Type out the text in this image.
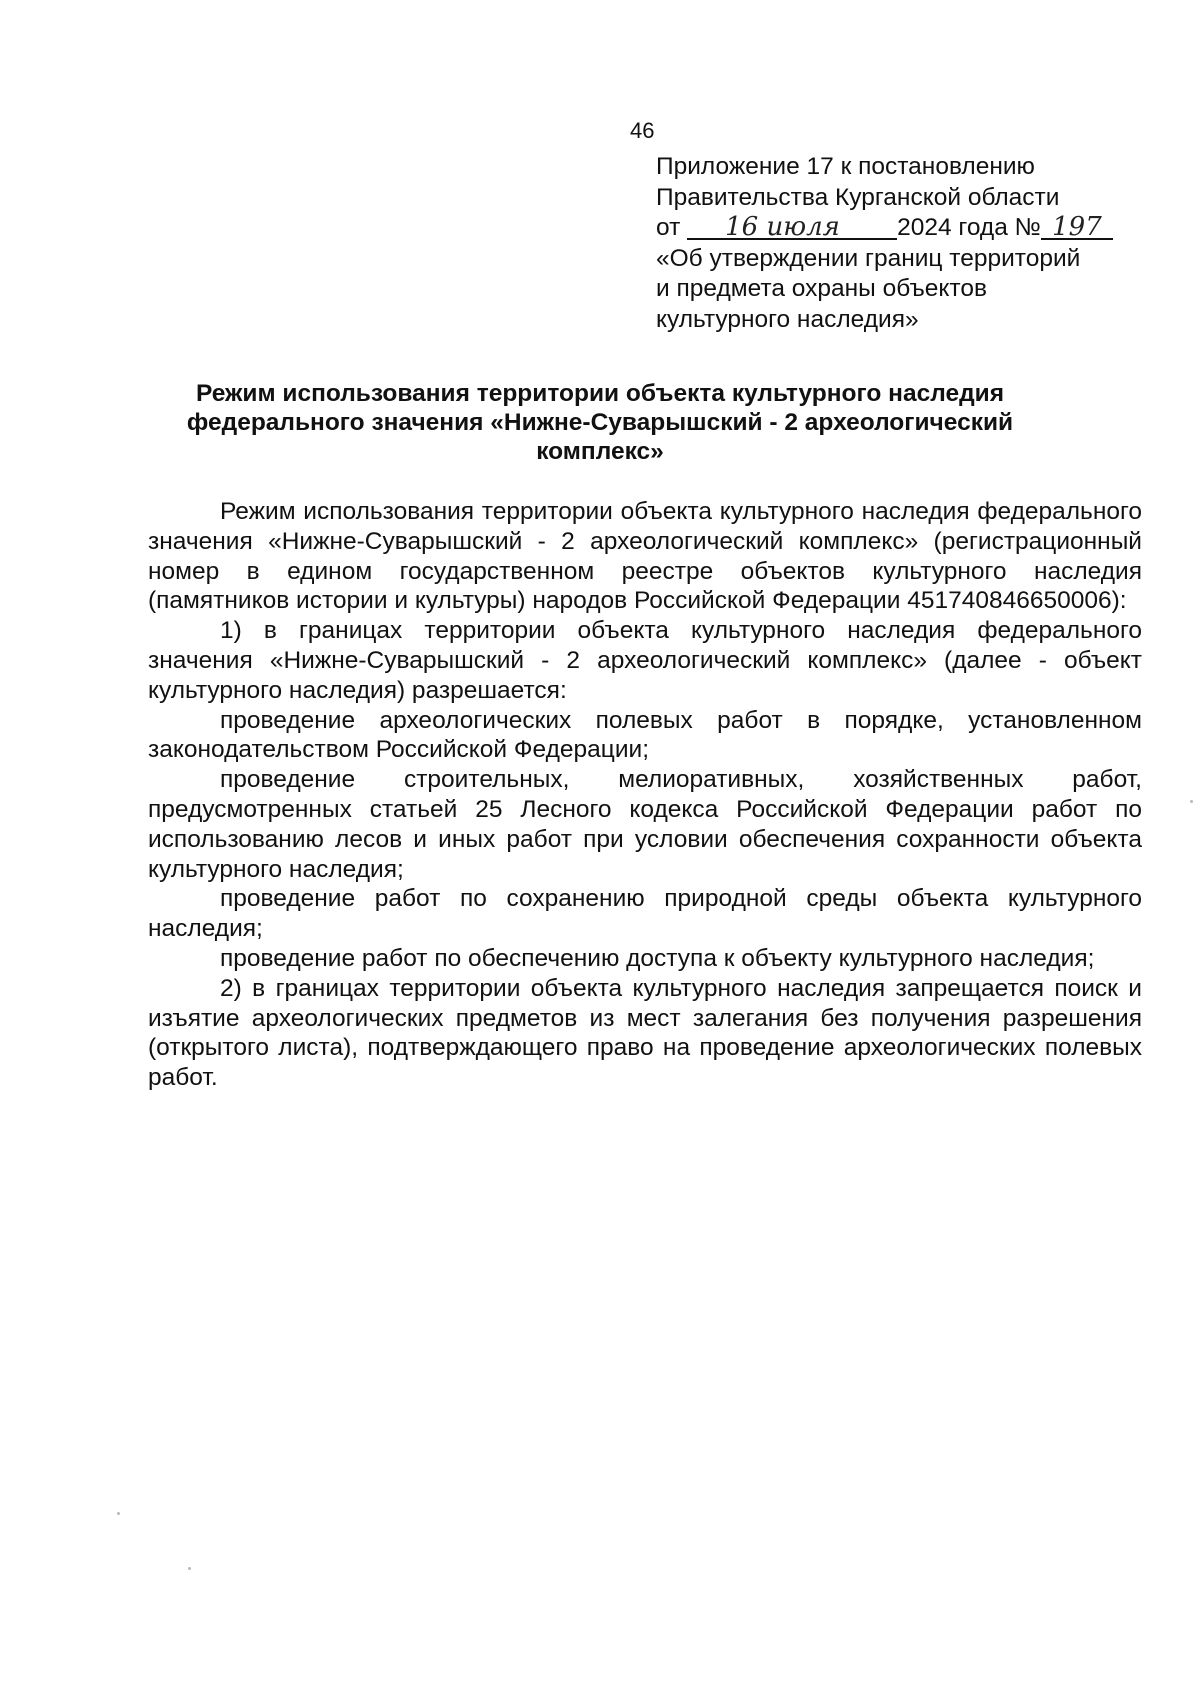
46
Приложение 17 к постановлению
Правительства Курганской области
от 16 июля 2024 года № 197
«Об утверждении границ территорий
и предмета охраны объектов
культурного наследия»
Режим использования территории объекта культурного наследия федерального значения «Нижне-Суварышский - 2 археологический комплекс»

Режим использования территории объекта культурного наследия федерального значения «Нижне-Суварышский - 2 археологический комплекс» (регистрационный номер в едином государственном реестре объектов культурного наследия (памятников истории и культуры) народов Российской Федерации 451740846650006):

1) в границах территории объекта культурного наследия федерального значения «Нижне-Суварышский - 2 археологический комплекс» (далее - объект культурного наследия) разрешается:

проведение археологических полевых работ в порядке, установленном законодательством Российской Федерации;

проведение строительных, мелиоративных, хозяйственных работ, предусмотренных статьей 25 Лесного кодекса Российской Федерации работ по использованию лесов и иных работ при условии обеспечения сохранности объекта культурного наследия;

проведение работ по сохранению природной среды объекта культурного наследия;

проведение работ по обеспечению доступа к объекту культурного наследия;

2) в границах территории объекта культурного наследия запрещается поиск и изъятие археологических предметов из мест залегания без получения разрешения (открытого листа), подтверждающего право на проведение археологических полевых работ.
